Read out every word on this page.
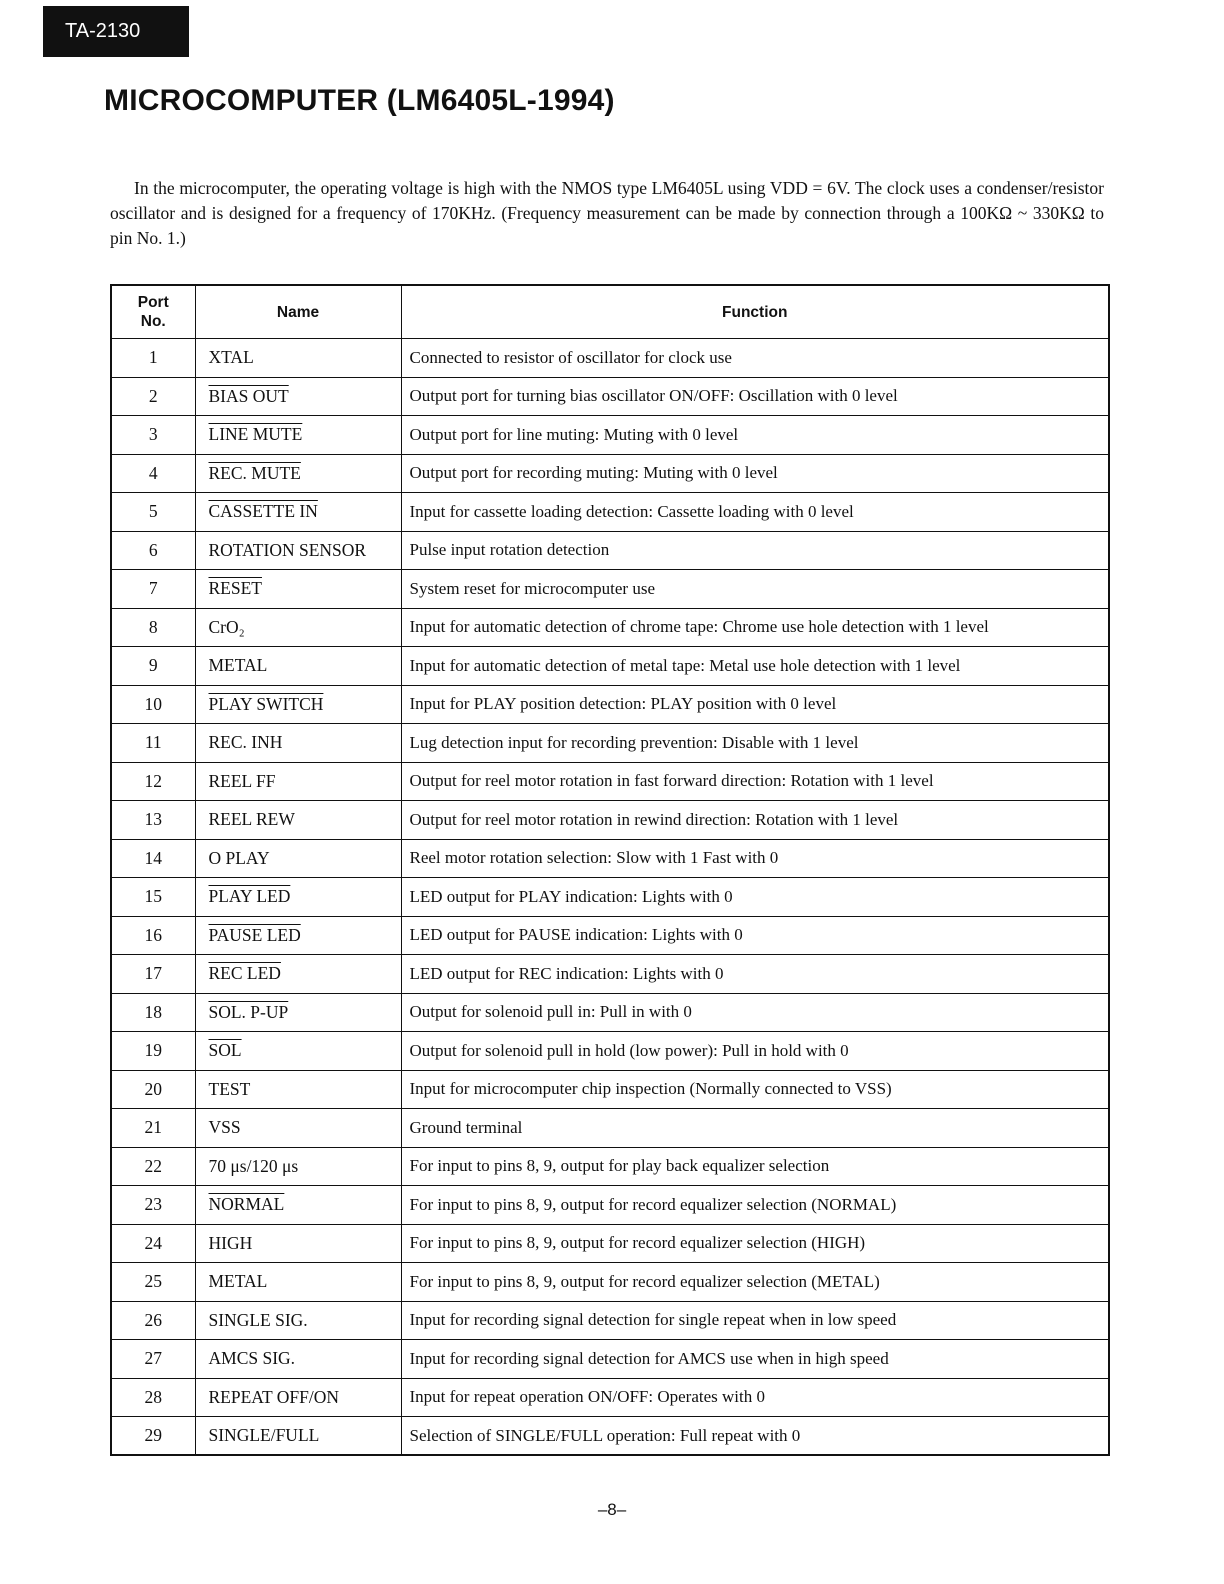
TA-2130
MICROCOMPUTER (LM6405L-1994)

In the microcomputer, the operating voltage is high with the NMOS type LM6405L using VDD = 6V. The clock uses a condenser/resistor oscillator and is designed for a frequency of 170KHz. (Frequency measurement can be made by connection through a 100KΩ ~ 330KΩ to pin No. 1.)

Port No.	Name	Function
1	XTAL	Connected to resistor of oscillator for clock use
2	BIAS OUT	Output port for turning bias oscillator ON/OFF: Oscillation with 0 level
3	LINE MUTE	Output port for line muting: Muting with 0 level
4	REC. MUTE	Output port for recording muting: Muting with 0 level
5	CASSETTE IN	Input for cassette loading detection: Cassette loading with 0 level
6	ROTATION SENSOR	Pulse input rotation detection
7	RESET	System reset for microcomputer use
8	CrO₂	Input for automatic detection of chrome tape: Chrome use hole detection with 1 level
9	METAL	Input for automatic detection of metal tape: Metal use hole detection with 1 level
10	PLAY SWITCH	Input for PLAY position detection: PLAY position with 0 level
11	REC. INH	Lug detection input for recording prevention: Disable with 1 level
12	REEL FF	Output for reel motor rotation in fast forward direction: Rotation with 1 level
13	REEL REW	Output for reel motor rotation in rewind direction: Rotation with 1 level
14	O PLAY	Reel motor rotation selection: Slow with 1 Fast with 0
15	PLAY LED	LED output for PLAY indication: Lights with 0
16	PAUSE LED	LED output for PAUSE indication: Lights with 0
17	REC LED	LED output for REC indication: Lights with 0
18	SOL. P-UP	Output for solenoid pull in: Pull in with 0
19	$\overline{SOL}$	Output for solenoid pull in hold (low power): Pull in hold with 0
20	TEST	Input for microcomputer chip inspection (Normally connected to VSS)
21	VSS	Ground terminal
22	70 μs/120 μs	For input to pins 8, 9, output for play back equalizer selection
23	NORMAL	For input to pins 8, 9, output for record equalizer selection (NORMAL)
24	HIGH	For input to pins 8, 9, output for record equalizer selection (HIGH)
25	METAL	For input to pins 8, 9, output for record equalizer selection (METAL)
26	SINGLE SIG.	Input for recording signal detection for single repeat when in low speed
27	AMCS SIG.	Input for recording signal detection for AMCS use when in high speed
28	REPEAT OFF/ON	Input for repeat operation ON/OFF: Operates with 0
29	SINGLE/FULL	Selection of SINGLE/FULL operation: Full repeat with 0
–8–
